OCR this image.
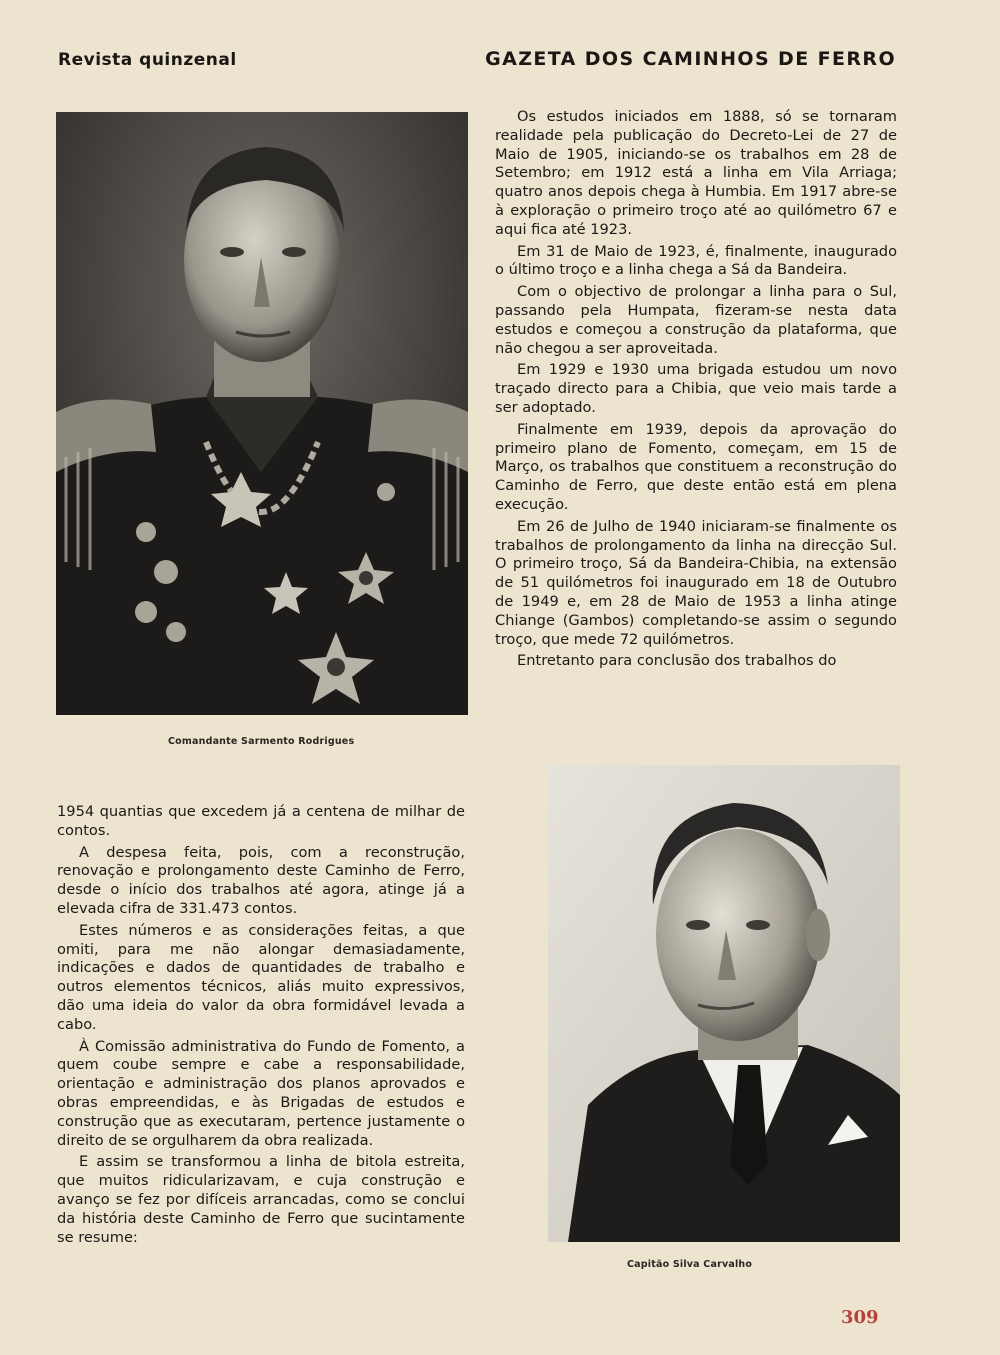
Revista quinzenal	GAZETA DOS CAMINHOS DE FERRO
Comandante Sarmento Rodrigues

Os estudos iniciados em 1888, só se tornaram realidade pela publicação do Decreto-Lei de 27 de Maio de 1905, iniciando-se os trabalhos em 28 de Setembro; em 1912 está a linha em Vila Arriaga; quatro anos depois chega à Humbia. Em 1917 abre-se à exploração o primeiro troço até ao quilómetro 67 e aqui fica até 1923.

Em 31 de Maio de 1923, é, finalmente, inaugurado o último troço e a linha chega a Sá da Bandeira.

Com o objectivo de prolongar a linha para o Sul, passando pela Humpata, fizeram-se nesta data estudos e começou a construção da plataforma, que não chegou a ser aproveitada.

Em 1929 e 1930 uma brigada estudou um novo traçado directo para a Chibia, que veio mais tarde a ser adoptado.

Finalmente em 1939, depois da aprovação do primeiro plano de Fomento, começam, em 15 de Março, os trabalhos que constituem a reconstrução do Caminho de Ferro, que deste então está em plena execução.

Em 26 de Julho de 1940 iniciaram-se finalmente os trabalhos de prolongamento da linha na direcção Sul. O primeiro troço, Sá da Bandeira-Chibia, na extensão de 51 quilómetros foi inaugurado em 18 de Outubro de 1949 e, em 28 de Maio de 1953 a linha atinge Chiange (Gambos) completando-se assim o segundo troço, que mede 72 quilómetros.

Entretanto para conclusão dos trabalhos do

1954 quantias que excedem já a centena de milhar de contos.

A despesa feita, pois, com a reconstrução, renovação e prolongamento deste Caminho de Ferro, desde o início dos trabalhos até agora, atinge já a elevada cifra de 331.473 contos.

Estes números e as considerações feitas, a que omiti, para me não alongar demasiadamente, indicações e dados de quantidades de trabalho e outros elementos técnicos, aliás muito expressivos, dão uma ideia do valor da obra formidável levada a cabo.

À Comissão administrativa do Fundo de Fomento, a quem coube sempre e cabe a responsabilidade, orientação e administração dos planos aprovados e obras empreendidas, e às Brigadas de estudos e construção que as executaram, pertence justamente o direito de se orgulharem da obra realizada.

E assim se transformou a linha de bitola estreita, que muitos ridicularizavam, e cuja construção e avanço se fez por difíceis arrancadas, como se conclui da história deste Caminho de Ferro que sucintamente se resume:

Capitão Silva Carvalho
309
